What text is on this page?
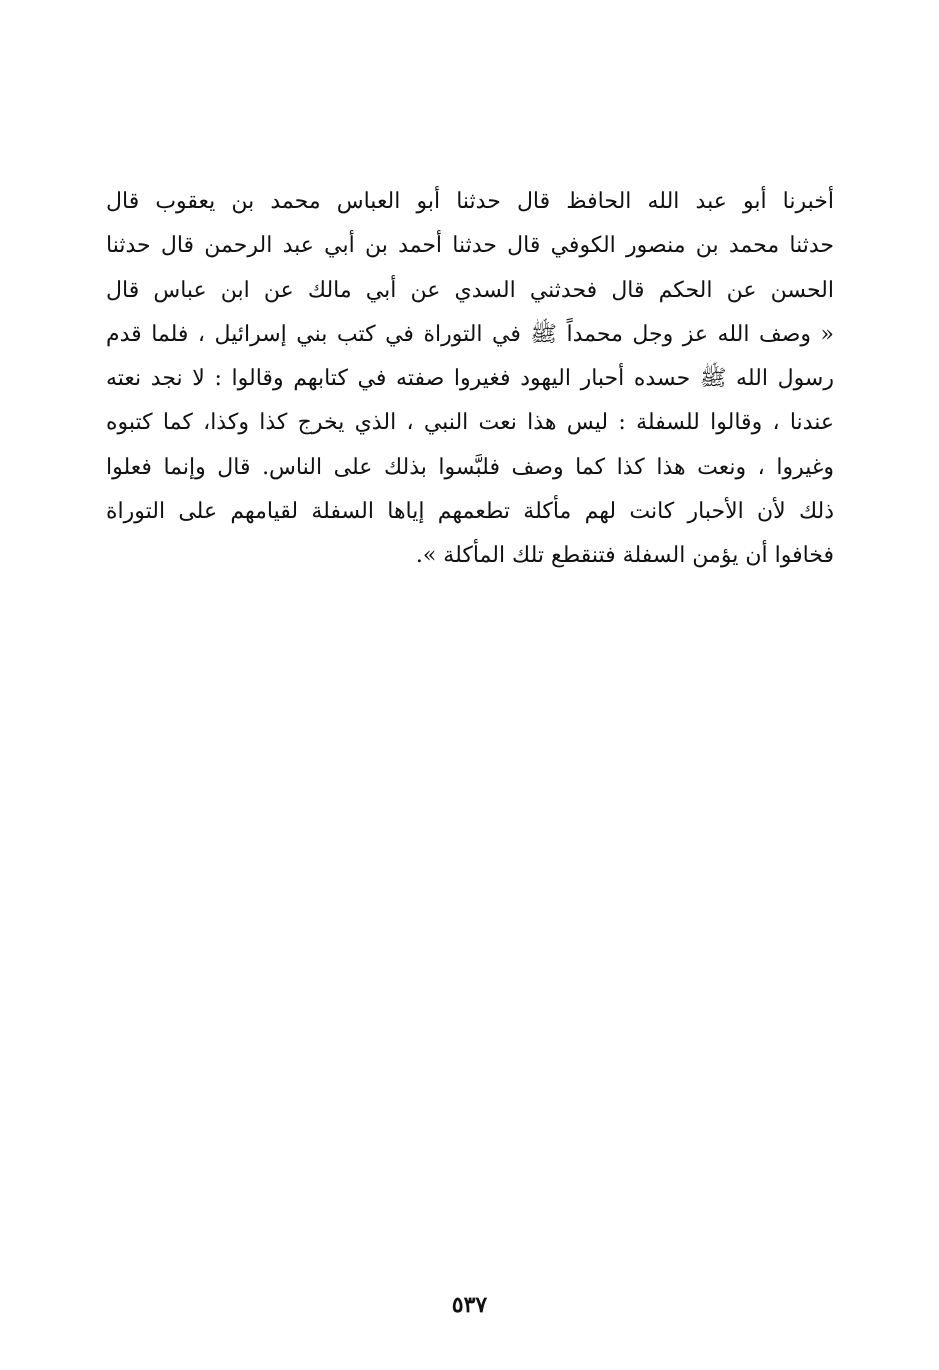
أخبرنا أبو عبد الله الحافظ قال حدثنا أبو العباس محمد بن يعقوب قال
حدثنا محمد بن منصور الكوفي قال حدثنا أحمد بن أبي عبد الرحمن قال حدثنا
الحسن عن الحكم قال فحدثني السدي عن أبي مالك عن ابن عباس قال
« وصف الله عز وجل محمداً ﷺ في التوراة في كتب بني إسرائيل ، فلما قدم
رسول الله ﷺ حسده أحبار اليهود فغيروا صفته في كتابهم وقالوا : لا نجد نعته
عندنا ، وقالوا للسفلة : ليس هذا نعت النبي ، الذي يخرج كذا وكذا، كما كتبوه
وغيروا ، ونعت هذا كذا كما وصف فلبَّسوا بذلك على الناس. قال وإنما فعلوا
ذلك لأن الأحبار كانت لهم مأكلة تطعمهم إياها السفلة لقيامهم على التوراة
فخافوا أن يؤمن السفلة فتنقطع تلك المأكلة ».
٥٣٧
